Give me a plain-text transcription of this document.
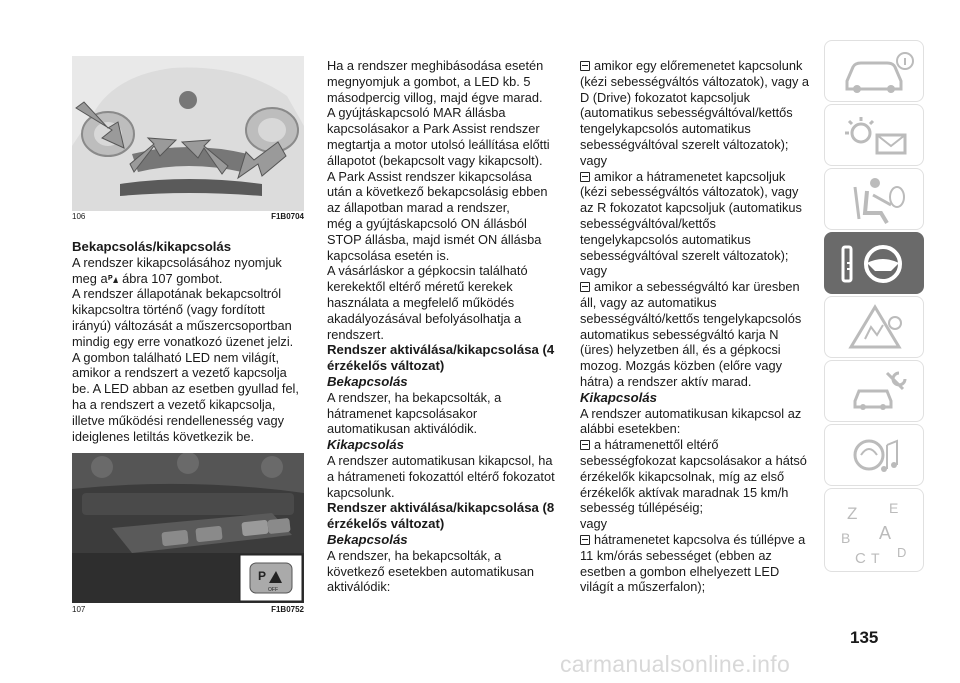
106	F1B0704

Bekapcsolás/kikapcsolás

A rendszer kikapcsolásához nyomjuk
meg a P ábra 107 gombot.

A rendszer állapotának bekapcsoltról kikapcsoltra történő (vagy fordított irányú) változását a műszercsoportban mindig egy erre vonatkozó üzenet jelzi.

A gombon található LED nem világít, amikor a rendszert a vezető kapcsolja be. A LED abban az esetben gyullad fel, ha a rendszert a vezető kikapcsolja, illetve működési rendellenesség vagy ideiglenes letiltás következik be.

P
OFF
107	F1B0752

Ha a rendszer meghibásodása esetén megnyomjuk a gombot, a LED kb. 5 másodpercig villog, majd égve marad.

A gyújtáskapcsoló MAR állásba kapcsolásakor a Park Assist rendszer megtartja a motor utolsó leállítása előtti állapotot (bekapcsolt vagy kikapcsolt).

A Park Assist rendszer kikapcsolása után a következő bekapcsolásig ebben az állapotban marad a rendszer,

még a gyújtáskapcsoló ON állásból STOP állásba, majd ismét ON állásba kapcsolása esetén is.

A vásárláskor a gépkocsin található kerekektől eltérő méretű kerekek használata a megfelelő működés akadályozásával befolyásolhatja a rendszert.

Rendszer aktiválása/kikapcsolása (4 érzékelős változat)

Bekapcsolás

A rendszer, ha bekapcsolták, a hátramenet kapcsolásakor automatikusan aktiválódik.

Kikapcsolás

A rendszer automatikusan kikapcsol, ha a hátrameneti fokozattól eltérő fokozatot kapcsolunk.

Rendszer aktiválása/kikapcsolása (8 érzékelős változat)

Bekapcsolás

A rendszer, ha bekapcsolták, a következő esetekben automatikusan aktiválódik:

amikor egy előremenetet kapcsolunk (kézi sebességváltós változatok), vagy a D (Drive) fokozatot kapcsoljuk (automatikus sebességváltóval/kettős tengelykapcsolós automatikus sebességváltóval szerelt változatok);

vagy

amikor a hátramenetet kapcsoljuk (kézi sebességváltós változatok), vagy az R fokozatot kapcsoljuk (automatikus sebességváltóval/kettős tengelykapcsolós automatikus sebességváltóval szerelt változatok);

vagy

amikor a sebességváltó kar üresben áll, vagy az automatikus sebességváltó/kettős tengelykapcsolós automatikus sebességváltó karja N (üres) helyzetben áll, és a gépkocsi mozog. Mozgás közben (előre vagy hátra) a rendszer aktív marad.

Kikapcsolás

A rendszer automatikusan kikapcsol az alábbi esetekben:

a hátramenettől eltérő sebességfokozat kapcsolásakor a hátsó érzékelők kikapcsolnak, míg az első érzékelők aktívak maradnak 15 km/h sebesség túllépéséig;

vagy

hátramenetet kapcsolva és túllépve a 11 km/órás sebességet (ebben az esetben a gombon elhelyezett LED világít a műszerfalon);

Z E
B A
C T D
135
carmanualsonline.info
